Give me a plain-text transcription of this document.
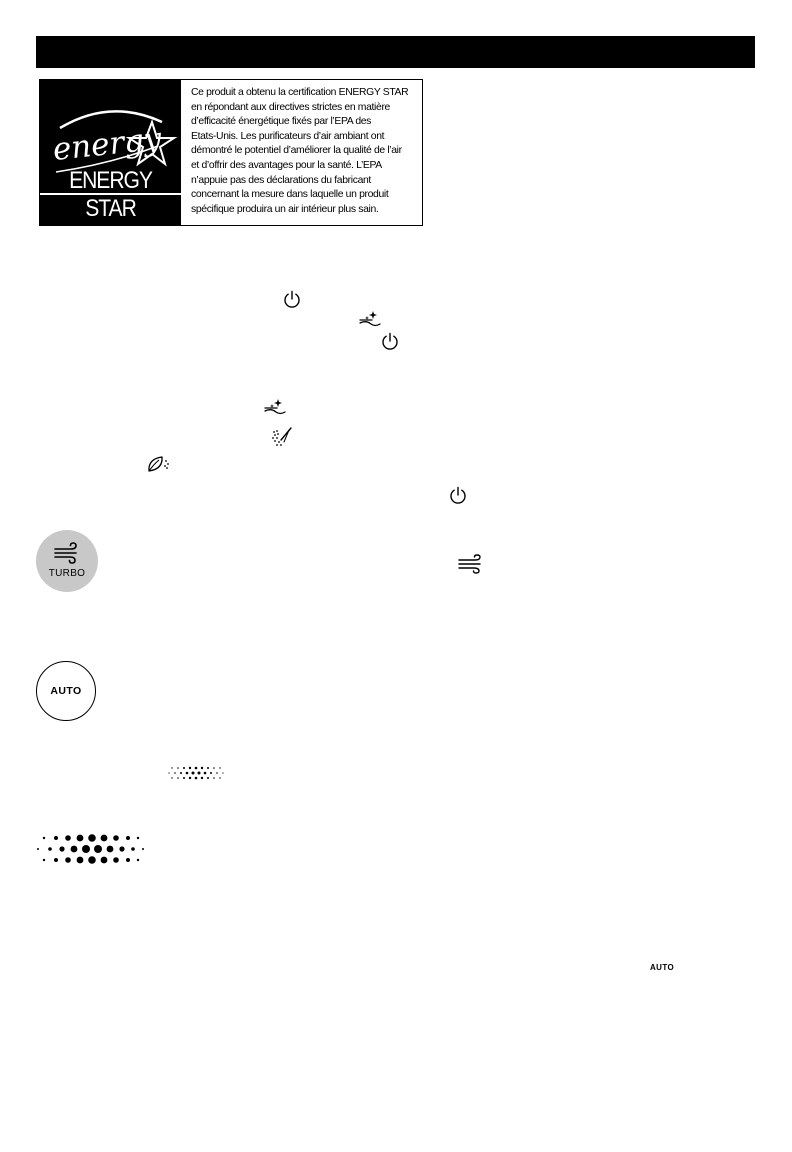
energy
ENERGY STAR
Ce produit a obtenu la certification ENERGY STAR
en répondant aux directives strictes en matière
d’efficacité énergétique fixés par l’EPA des
Etats-Unis. Les purificateurs d’air ambiant ont
démontré le potentiel d’améliorer la qualité de l’air
et d’offrir des avantages pour la santé. L’EPA
n’appuie pas des déclarations du fabricant
concernant la mesure dans laquelle un produit
spécifique produira un air intérieur plus sain.
TURBO
AUTO
AUTO
